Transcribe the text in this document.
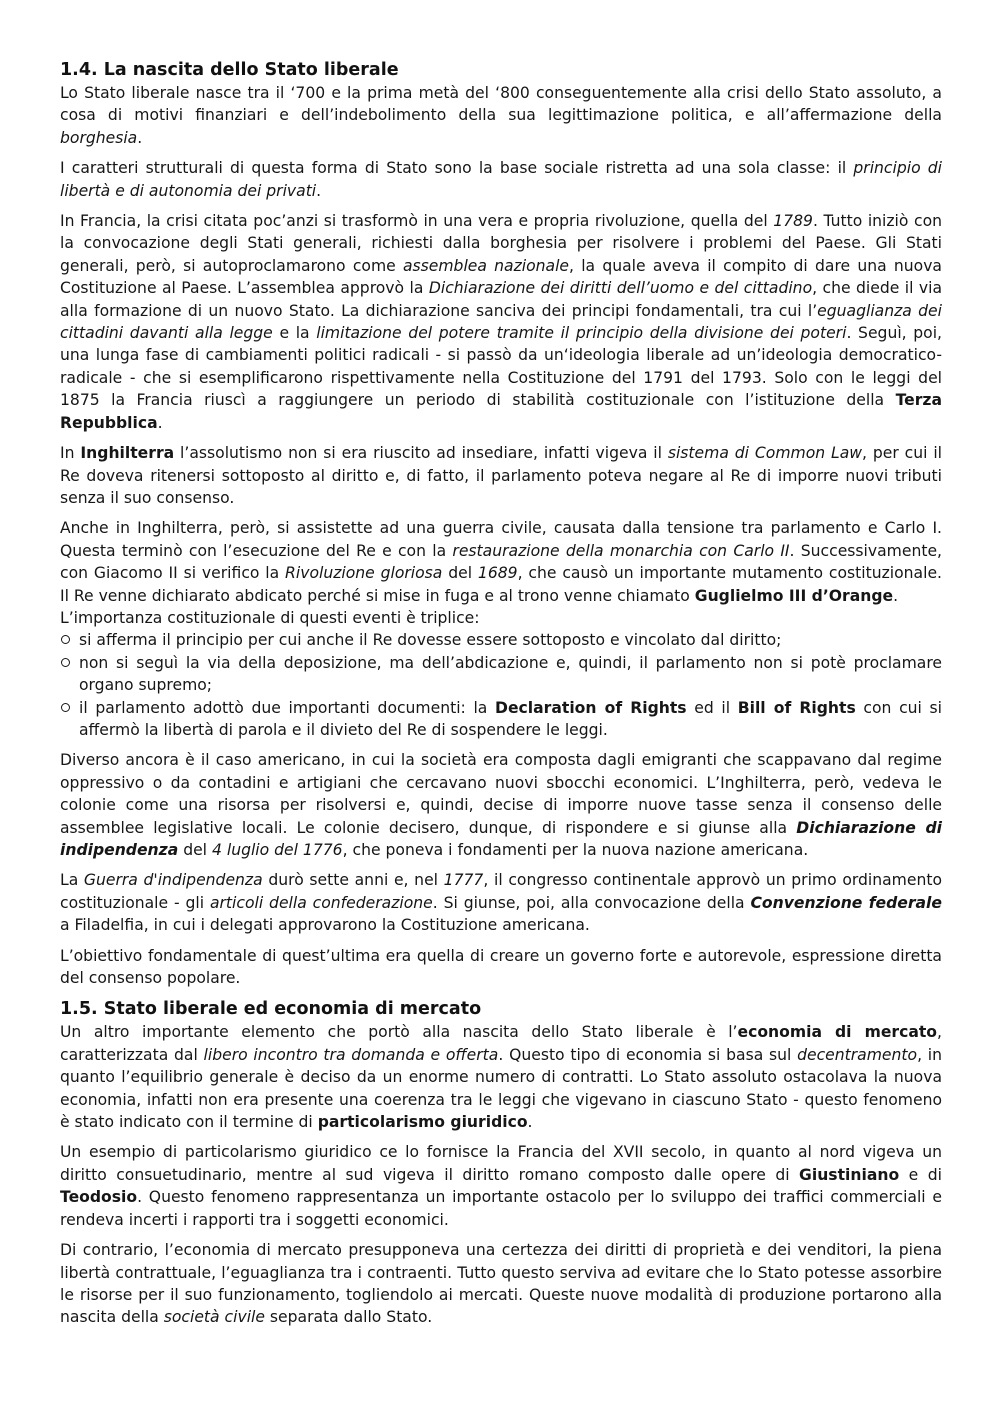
1.4. La nascita dello Stato liberale

Lo Stato liberale nasce tra il ‘700 e la prima metà del ‘800 conseguentemente alla crisi dello Stato assoluto, a cosa di motivi finanziari e dell’indebolimento della sua legittimazione politica, e all’affermazione della borghesia.

I caratteri strutturali di questa forma di Stato sono la base sociale ristretta ad una sola classe: il principio di libertà e di autonomia dei privati.

In Francia, la crisi citata poc’anzi si trasformò in una vera e propria rivoluzione, quella del 1789. Tutto iniziò con la convocazione degli Stati generali, richiesti dalla borghesia per risolvere i problemi del Paese. Gli Stati generali, però, si autoproclamarono come assemblea nazionale, la quale aveva il compito di dare una nuova Costituzione al Paese. L’assemblea approvò la Dichiarazione dei diritti dell’uomo e del cittadino, che diede il via alla formazione di un nuovo Stato. La dichiarazione sanciva dei principi fondamentali, tra cui l’eguaglianza dei cittadini davanti alla legge e la limitazione del potere tramite il principio della divisione dei poteri. Seguì, poi, una lunga fase di cambiamenti politici radicali - si passò da un‘ideologia liberale ad un’ideologia democratico-radicale - che si esemplificarono rispettivamente nella Costituzione del 1791 del 1793. Solo con le leggi del 1875 la Francia riuscì a raggiungere un periodo di stabilità costituzionale con l’istituzione della Terza Repubblica.

In Inghilterra l’assolutismo non si era riuscito ad insediare, infatti vigeva il sistema di Common Law, per cui il Re doveva ritenersi sottoposto al diritto e, di fatto, il parlamento poteva negare al Re di imporre nuovi tributi senza il suo consenso.

Anche in Inghilterra, però, si assistette ad una guerra civile, causata dalla tensione tra parlamento e Carlo I. Questa terminò con l’esecuzione del Re e con la restaurazione della monarchia con Carlo II. Successivamente, con Giacomo II si verifico la Rivoluzione gloriosa del 1689, che causò un importante mutamento costituzionale. Il Re venne dichiarato abdicato perché si mise in fuga e al trono venne chiamato Guglielmo III d’Orange.

L’importanza costituzionale di questi eventi è triplice:

si afferma il principio per cui anche il Re dovesse essere sottoposto e vincolato dal diritto;
non si seguì la via della deposizione, ma dell’abdicazione e, quindi, il parlamento non si potè proclamare organo supremo;
il parlamento adottò due importanti documenti: la Declaration of Rights ed il Bill of Rights con cui si affermò la libertà di parola e il divieto del Re di sospendere le leggi.

Diverso ancora è il caso americano, in cui la società era composta dagli emigranti che scappavano dal regime oppressivo o da contadini e artigiani che cercavano nuovi sbocchi economici. L’Inghilterra, però, vedeva le colonie come una risorsa per risolversi e, quindi, decise di imporre nuove tasse senza il consenso delle assemblee legislative locali. Le colonie decisero, dunque, di rispondere e si giunse alla Dichiarazione di indipendenza del 4 luglio del 1776, che poneva i fondamenti per la nuova nazione americana.

La Guerra d'indipendenza durò sette anni e, nel 1777, il congresso continentale approvò un primo ordinamento costituzionale - gli articoli della confederazione. Si giunse, poi, alla convocazione della Convenzione federale a Filadelfia, in cui i delegati approvarono la Costituzione americana.

L’obiettivo fondamentale di quest’ultima era quella di creare un governo forte e autorevole, espressione diretta del consenso popolare.

1.5. Stato liberale ed economia di mercato

Un altro importante elemento che portò alla nascita dello Stato liberale è l’economia di mercato, caratterizzata dal libero incontro tra domanda e offerta. Questo tipo di economia si basa sul decentramento, in quanto l’equilibrio generale è deciso da un enorme numero di contratti. Lo Stato assoluto ostacolava la nuova economia, infatti non era presente una coerenza tra le leggi che vigevano in ciascuno Stato - questo fenomeno è stato indicato con il termine di particolarismo giuridico.

Un esempio di particolarismo giuridico ce lo fornisce la Francia del XVII secolo, in quanto al nord vigeva un diritto consuetudinario, mentre al sud vigeva il diritto romano composto dalle opere di Giustiniano e di Teodosio. Questo fenomeno rappresentanza un importante ostacolo per lo sviluppo dei traffici commerciali e rendeva incerti i rapporti tra i soggetti economici.

Di contrario, l’economia di mercato presupponeva una certezza dei diritti di proprietà e dei venditori, la piena libertà contrattuale, l’eguaglianza tra i contraenti. Tutto questo serviva ad evitare che lo Stato potesse assorbire le risorse per il suo funzionamento, togliendolo ai mercati. Queste nuove modalità di produzione portarono alla nascita della società civile separata dallo Stato.
